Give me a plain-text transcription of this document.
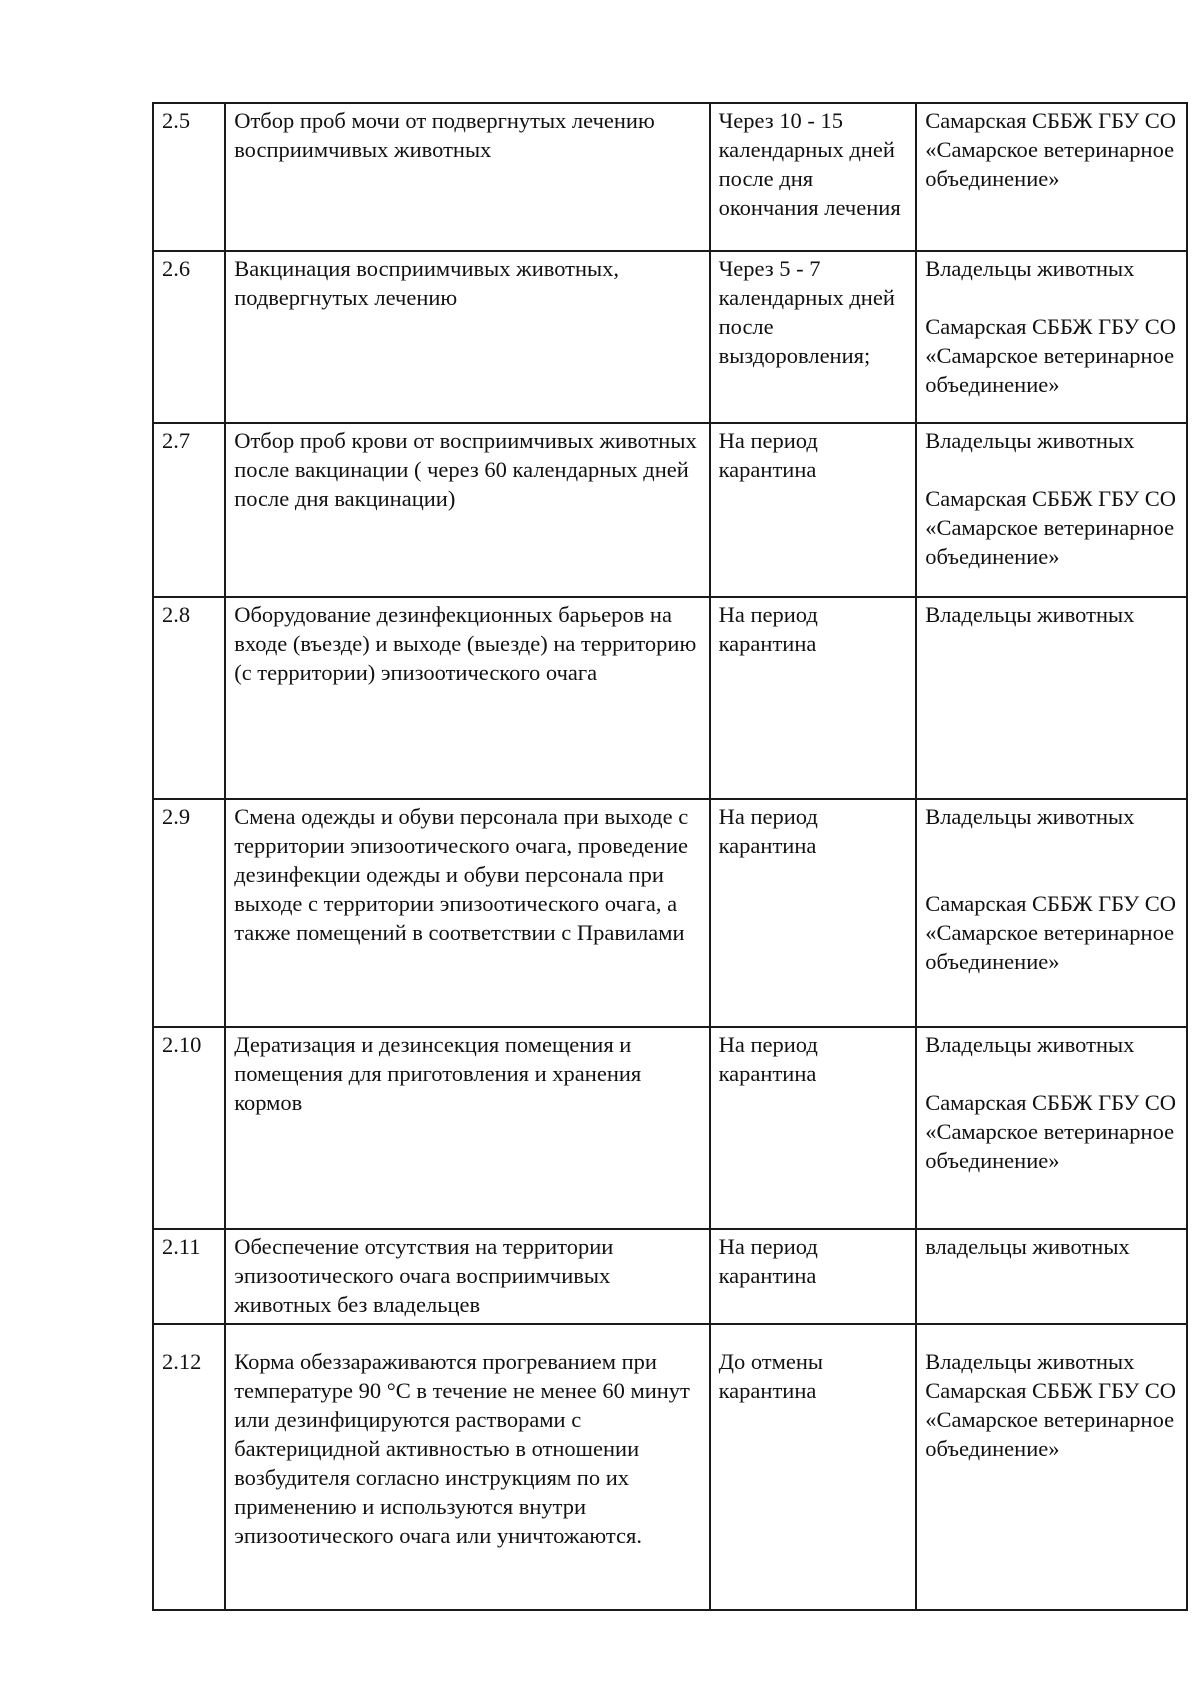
2.5	Отбор проб мочи от подвергнутых лечению восприимчивых животных	Через 10 - 15 календарных дней после дня окончания лечения	Самарская СББЖ ГБУ СО «Самарское ветеринарное объединение»

2.6	Вакцинация восприимчивых животных, подвергнутых лечению	Через 5 - 7 календарных дней после выздоровления;	Владельцы животных
Самарская СББЖ ГБУ СО «Самарское ветеринарное объединение»

2.7	Отбор проб крови от восприимчивых животных после вакцинации ( через 60 календарных дней после дня вакцинации)	На период карантина	Владельцы животных
Самарская СББЖ ГБУ СО «Самарское ветеринарное объединение»

2.8	Оборудование дезинфекционных барьеров на входе (въезде) и выходе (выезде) на территорию (с территории) эпизоотического очага	На период карантина	Владельцы животных

2.9	Смена одежды и обуви персонала при выходе с территории эпизоотического очага, проведение дезинфекции одежды и обуви персонала при выходе с территории эпизоотического очага, а также помещений в соответствии с Правилами	На период карантина	Владельцы животных
Самарская СББЖ ГБУ СО «Самарское ветеринарное объединение»

2.10	Дератизация и дезинсекция помещения и помещения для приготовления и хранения кормов	На период карантина	Владельцы животных
Самарская СББЖ ГБУ СО «Самарское ветеринарное объединение»

2.11	Обеспечение отсутствия на территории эпизоотического очага восприимчивых животных без владельцев	На период карантина	владельцы животных

2.12	Корма обеззараживаются прогреванием при температуре 90 °С в течение не менее 60 минут или дезинфицируются растворами с бактерицидной активностью в отношении возбудителя согласно инструкциям по их применению и используются внутри эпизоотического очага или уничтожаются.	До отмены карантина	Владельцы животных Самарская СББЖ ГБУ СО «Самарское ветеринарное объединение»
